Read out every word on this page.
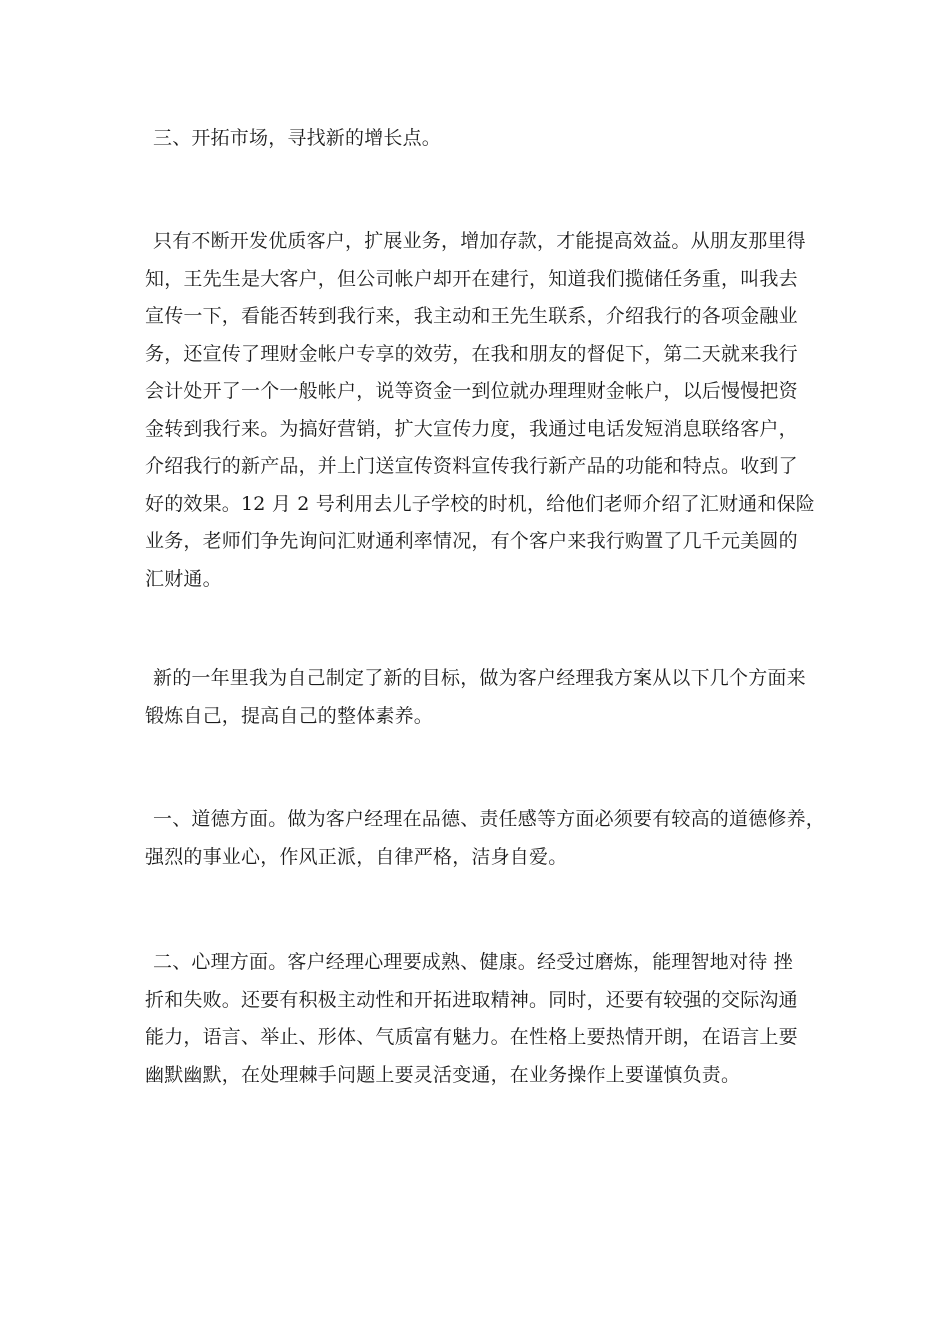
三、开拓市场，寻找新的增长点。

只有不断开发优质客户，扩展业务，增加存款，才能提高效益。从朋友那里得
知，王先生是大客户，但公司帐户却开在建行，知道我们揽储任务重，叫我去
宣传一下，看能否转到我行来，我主动和王先生联系，介绍我行的各项金融业
务，还宣传了理财金帐户专享的效劳，在我和朋友的督促下，第二天就来我行
会计处开了一个一般帐户，说等资金一到位就办理理财金帐户，以后慢慢把资
金转到我行来。为搞好营销，扩大宣传力度，我通过电话发短消息联络客户，
介绍我行的新产品，并上门送宣传资料宣传我行新产品的功能和特点。收到了
好的效果。12 月 2 号利用去儿子学校的时机，给他们老师介绍了汇财通和保险
业务，老师们争先询问汇财通利率情况，有个客户来我行购置了几千元美圆的
汇财通。

新的一年里我为自己制定了新的目标，做为客户经理我方案从以下几个方面来
锻炼自己，提高自己的整体素养。

一、道德方面。做为客户经理在品德、责任感等方面必须要有较高的道德修养，
强烈的事业心，作风正派，自律严格，洁身自爱。

二、心理方面。客户经理心理要成熟、健康。经受过磨炼，能理智地对待 挫
折和失败。还要有积极主动性和开拓进取精神。同时，还要有较强的交际沟通
能力，语言、举止、形体、气质富有魅力。在性格上要热情开朗，在语言上要
幽默幽默，在处理棘手问题上要灵活变通，在业务操作上要谨慎负责。
